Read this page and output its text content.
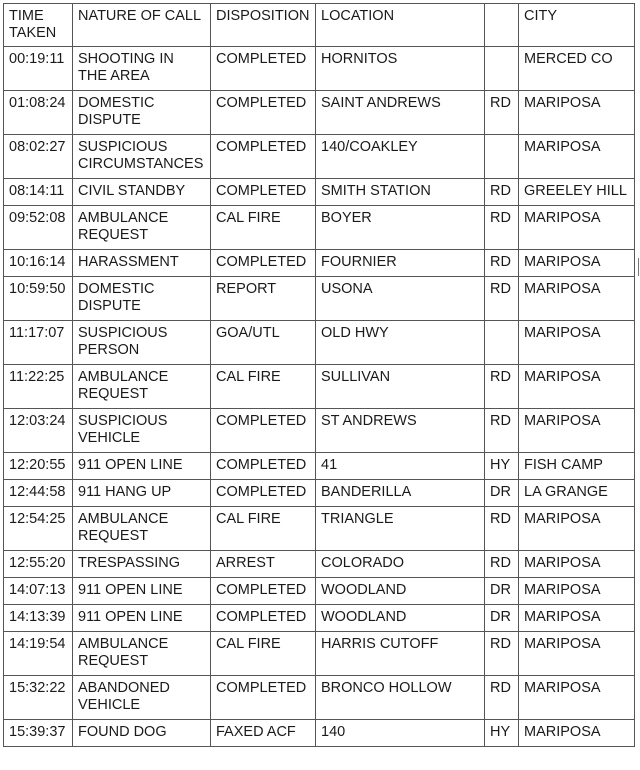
TIME TAKEN	NATURE OF CALL	DISPOSITION	LOCATION		CITY
00:19:11	SHOOTING IN THE AREA	COMPLETED	HORNITOS		MERCED CO
01:08:24	DOMESTIC DISPUTE	COMPLETED	SAINT ANDREWS	RD	MARIPOSA
08:02:27	SUSPICIOUS CIRCUMSTANCES	COMPLETED	140/COAKLEY		MARIPOSA
08:14:11	CIVIL STANDBY	COMPLETED	SMITH STATION	RD	GREELEY HILL
09:52:08	AMBULANCE REQUEST	CAL FIRE	BOYER	RD	MARIPOSA
10:16:14	HARASSMENT	COMPLETED	FOURNIER	RD	MARIPOSA
10:59:50	DOMESTIC DISPUTE	REPORT	USONA	RD	MARIPOSA
11:17:07	SUSPICIOUS PERSON	GOA/UTL	OLD HWY		MARIPOSA
11:22:25	AMBULANCE REQUEST	CAL FIRE	SULLIVAN	RD	MARIPOSA
12:03:24	SUSPICIOUS VEHICLE	COMPLETED	ST ANDREWS	RD	MARIPOSA
12:20:55	911 OPEN LINE	COMPLETED	41	HY	FISH CAMP
12:44:58	911 HANG UP	COMPLETED	BANDERILLA	DR	LA GRANGE
12:54:25	AMBULANCE REQUEST	CAL FIRE	TRIANGLE	RD	MARIPOSA
12:55:20	TRESPASSING	ARREST	COLORADO	RD	MARIPOSA
14:07:13	911 OPEN LINE	COMPLETED	WOODLAND	DR	MARIPOSA
14:13:39	911 OPEN LINE	COMPLETED	WOODLAND	DR	MARIPOSA
14:19:54	AMBULANCE REQUEST	CAL FIRE	HARRIS CUTOFF	RD	MARIPOSA
15:32:22	ABANDONED VEHICLE	COMPLETED	BRONCO HOLLOW	RD	MARIPOSA
15:39:37	FOUND DOG	FAXED ACF	140	HY	MARIPOSA
